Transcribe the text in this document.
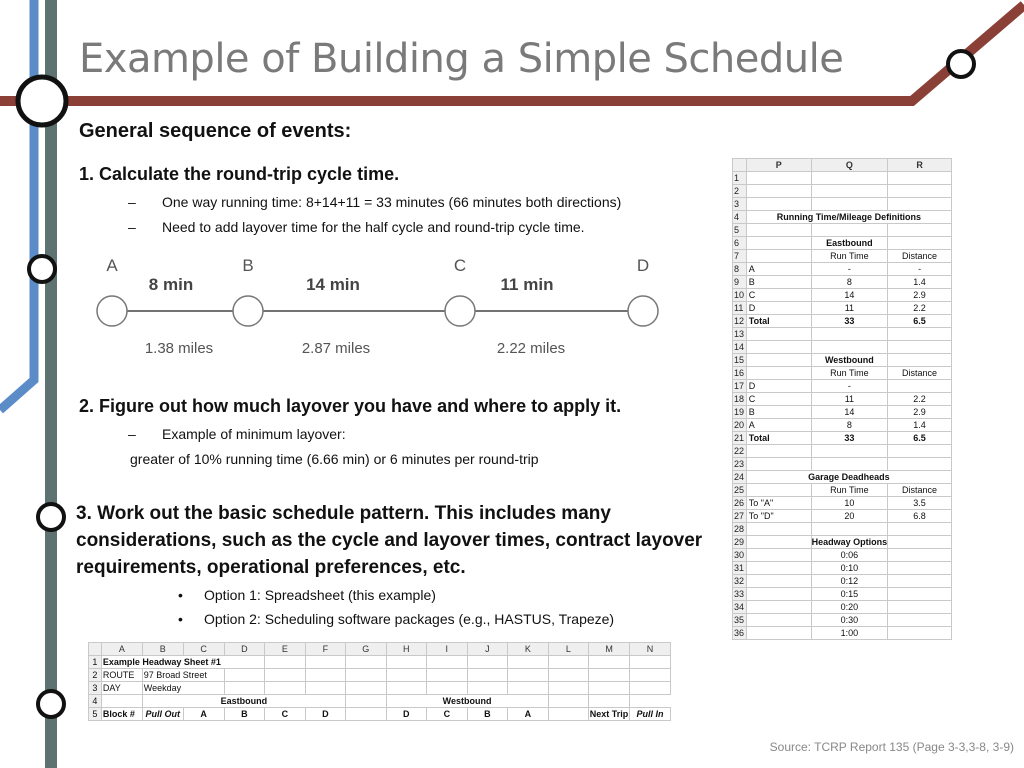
Example of Building a Simple Schedule
General sequence of events:
1. Calculate the round-trip cycle time.
– One way running time: 8+14+11 = 33 minutes (66 minutes both directions)
– Need to add layover time for the half cycle and round-trip cycle time.
A	B	C	D
8 min	14 min	11 min
1.38 miles	2.87 miles	2.22 miles
2. Figure out how much layover you have and where to apply it.
– Example of minimum layover:
greater of 10% running time (6.66 min) or 6 minutes per round-trip
3. Work out the basic schedule pattern. This includes many considerations, such as the cycle and layover times, contract layover requirements, operational preferences, etc.
• Option 1: Spreadsheet (this example)
• Option 2: Scheduling software packages (e.g., HASTUS, Trapeze)
	P	Q	R
1			
2			
3			
4	Running Time/Mileage Definitions		
5			
6		Eastbound	
7		Run Time	Distance
8	A	-	-
9	B	8	1.4
10	C	14	2.9
11	D	11	2.2
12	Total	33	6.5
13			
14			
15		Westbound	
16		Run Time	Distance
17	D	-	
18	C	11	2.2
19	B	14	2.9
20	A	8	1.4
21	Total	33	6.5
22			
23			
24	Garage Deadheads		
25		Run Time	Distance
26	To "A"	10	3.5
27	To "D"	20	6.8
28			
29		Headway Options	
30		0:06	
31		0:10	
32		0:12	
33		0:15	
34		0:20	
35		0:30	
36		1:00	
	A	B	C	D	E	F	G	H	I	J	K	L	M	N
1	Example Headway Sheet #1													
2	ROUTE	97 Broad Street												
3	DAY	Weekday												
4		Eastbound						Westbound						
5	Block #	Pull Out	A	B	C	D		D	C	B	A		Next Trip	Pull In
Source: TCRP Report 135 (Page 3-3,3-8, 3-9)
